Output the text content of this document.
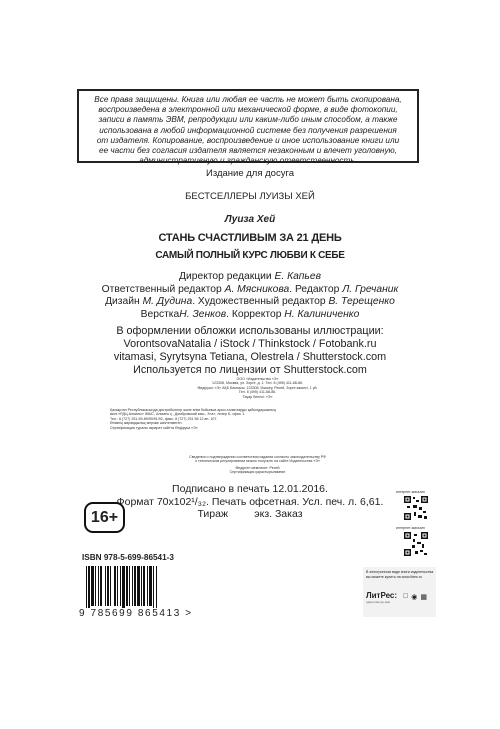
Все права защищены. Книга или любая ее часть не может быть скопирована,
воспроизведена в электронной или механической форме, в виде фотокопии,
записи в память ЭВМ, репродукции или каким-либо иным способом, а также
использована в любой информационной системе без получения разрешения
от издателя. Копирование, воспроизведение и иное использование книги или
ее части без согласия издателя является незаконным и влечет уголовную,
административную и гражданскую ответственность.
Издание для досуга
БЕСТСЕЛЛЕРЫ ЛУИЗЫ ХЕЙ
Луиза Хей
СТАНЬ СЧАСТЛИВЫМ ЗА 21 ДЕНЬ
САМЫЙ ПОЛНЫЙ КУРС ЛЮБВИ К СЕБЕ
Директор редакции Е. Капьев
Ответственный редактор А. Мясникова. Редактор Л. Гречаник
Дизайн М. Дудина. Художественный редактор В. Терещенко
ВерсткаН. Зенков. Корректор Н. Калиниченко
В оформлении обложки использованы иллюстрации:
VorontsovaNatalia / iStock / Thinkstock / Fotobank.ru
vitamasi, Syrytsyna Tetiana, Olestrela / Shutterstock.com
Используется по лицензии от Shutterstock.com
ООО «Издательство «Э»
123308, Москва, ул. Зорге, д. 1. Тел. 8 (495) 411-68-86.
Өндіруші: «Э» АҚБ Баспасы, 123308, Мәскеу, Ресей, Зорге көшесі, 1 үй.
Тел. 8 (495) 411-68-86.
Тауар белгісі: «Э»
Қазақстан Республикасында дистрибьютор және өнім бойынша арыз-талаптарды қабылдаушының
өкілі «РДЦ-Алматы» ЖШС, Алматы қ., Домбровский көш., 3«а», литер Б, офис 1.
Тел.: 8 (727) 251-59-89/90/91/92, факс: 8 (727) 251 58 12 вн. 107.
Өнімнің жарамдылық мерзімі шектелмеген.
Сертификация туралы ақпарат сайтта Өндіруші «Э»
Сведения о подтверждении соответствия издания согласно законодательству РФ
о техническом регулировании можно получить на сайте Издательства «Э»
Өндірген мемлекет: Ресей
Сертификация қарастырылмаған
Подписано в печать 12.01.2016.
Формат 70x102¹/₃₂. Печать офсетная. Усл. печ. л. 6,61.
Тираж         экз. Заказ
16+
ISBN 978-5-699-86541-3
9 785699 865413 >
интернет-магазин
интернет-магазин
В электронном виде книги издательства вы можете купить на www.litres.ru
ЛитРес:
один клик до книг
◉ ▦
